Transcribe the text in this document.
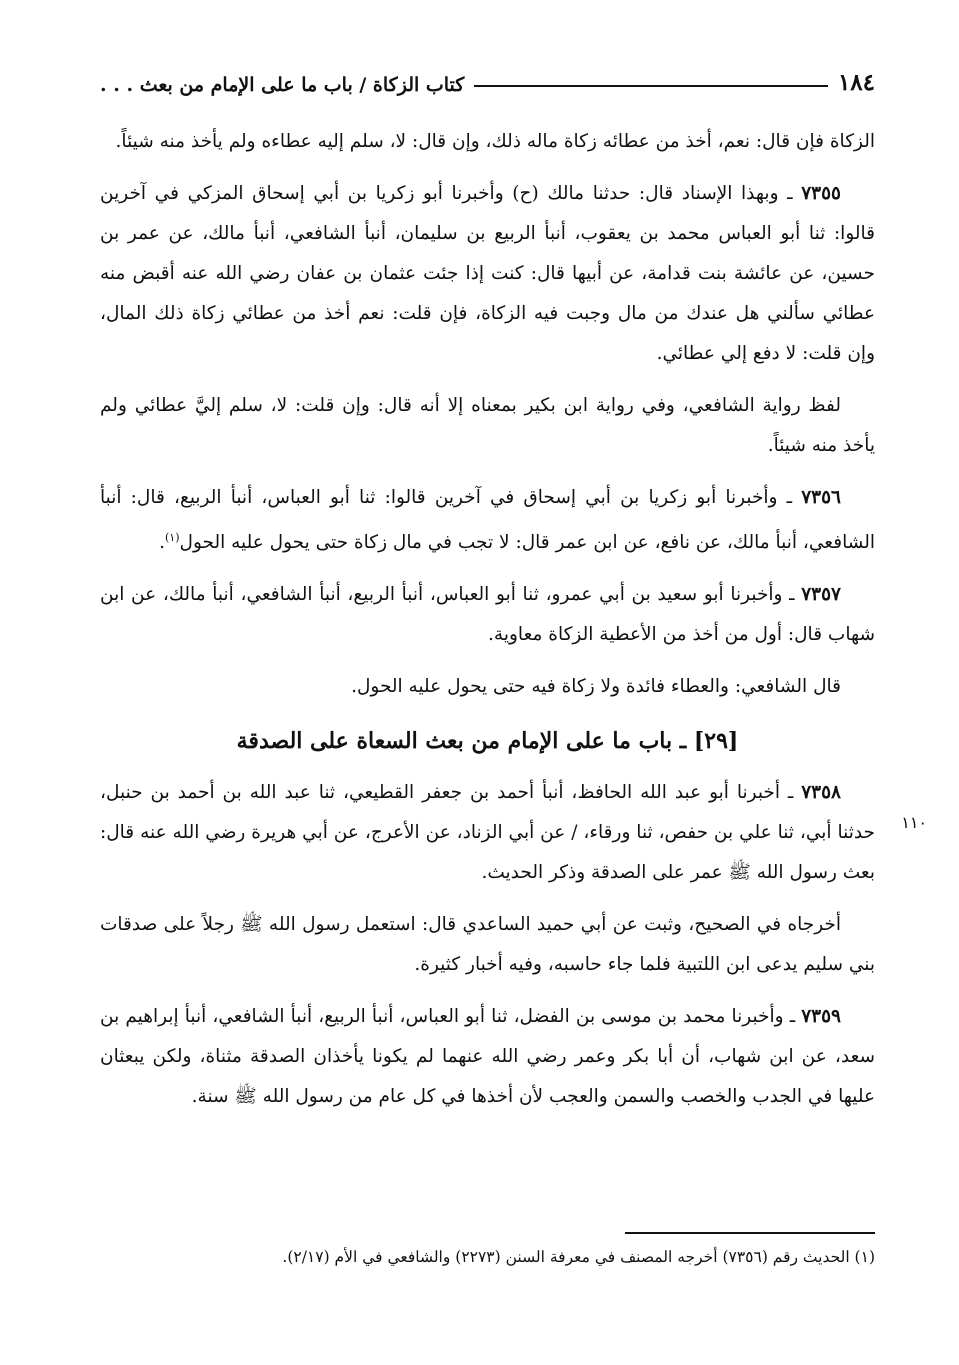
١٨٤
كتاب الزكاة / باب ما على الإمام من بعث . . .

الزكاة فإن قال: نعم، أخذ من عطائه زكاة ماله ذلك، وإن قال: لا، سلم إليه عطاءه ولم يأخذ منه شيئاً.

٧٣٥٥ ـ وبهذا الإسناد قال: حدثنا مالك (ح) وأخبرنا أبو زكريا بن أبي إسحاق المزكي في آخرين قالوا: ثنا أبو العباس محمد بن يعقوب، أنبأ الربيع بن سليمان، أنبأ الشافعي، أنبأ مالك، عن عمر بن حسين، عن عائشة بنت قدامة، عن أبيها قال: كنت إذا جئت عثمان بن عفان رضي الله عنه أقبض منه عطائي سألني هل عندك من مال وجبت فيه الزكاة، فإن قلت: نعم أخذ من عطائي زكاة ذلك المال، وإن قلت: لا دفع إلي عطائي.

لفظ رواية الشافعي، وفي رواية ابن بكير بمعناه إلا أنه قال: وإن قلت: لا، سلم إليَّ عطائي ولم يأخذ منه شيئاً.

٧٣٥٦ ـ وأخبرنا أبو زكريا بن أبي إسحاق في آخرين قالوا: ثنا أبو العباس، أنبأ الربيع، قال: أنبأ الشافعي، أنبأ مالك، عن نافع، عن ابن عمر قال: لا تجب في مال زكاة حتى يحول عليه الحول$^{(١)}$.

٧٣٥٧ ـ وأخبرنا أبو سعيد بن أبي عمرو، ثنا أبو العباس، أنبأ الربيع، أنبأ الشافعي، أنبأ مالك، عن ابن شهاب قال: أول من أخذ من الأعطية الزكاة معاوية.

قال الشافعي: والعطاء فائدة ولا زكاة فيه حتى يحول عليه الحول.

[٢٩] ـ باب ما على الإمام من بعث السعاة على الصدقة
١١٠

٧٣٥٨ ـ أخبرنا أبو عبد الله الحافظ، أنبأ أحمد بن جعفر القطيعي، ثنا عبد الله بن أحمد بن حنبل، حدثنا أبي، ثنا علي بن حفص، ثنا ورقاء، / عن أبي الزناد، عن الأعرج، عن أبي هريرة رضي الله عنه قال: بعث رسول الله ﷺ عمر على الصدقة وذكر الحديث.

أخرجاه في الصحيح، وثبت عن أبي حميد الساعدي قال: استعمل رسول الله ﷺ رجلاً على صدقات بني سليم يدعى ابن اللتبية فلما جاء حاسبه، وفيه أخبار كثيرة.

٧٣٥٩ ـ وأخبرنا محمد بن موسى بن الفضل، ثنا أبو العباس، أنبأ الربيع، أنبأ الشافعي، أنبأ إبراهيم بن سعد، عن ابن شهاب، أن أبا بكر وعمر رضي الله عنهما لم يكونا يأخذان الصدقة مثناة، ولكن يبعثان عليها في الجدب والخصب والسمن والعجب لأن أخذها في كل عام من رسول الله ﷺ سنة.

(١) الحديث رقم (٧٣٥٦) أخرجه المصنف في معرفة السنن (٢٢٧٣) والشافعي في الأم (٢/١٧).
